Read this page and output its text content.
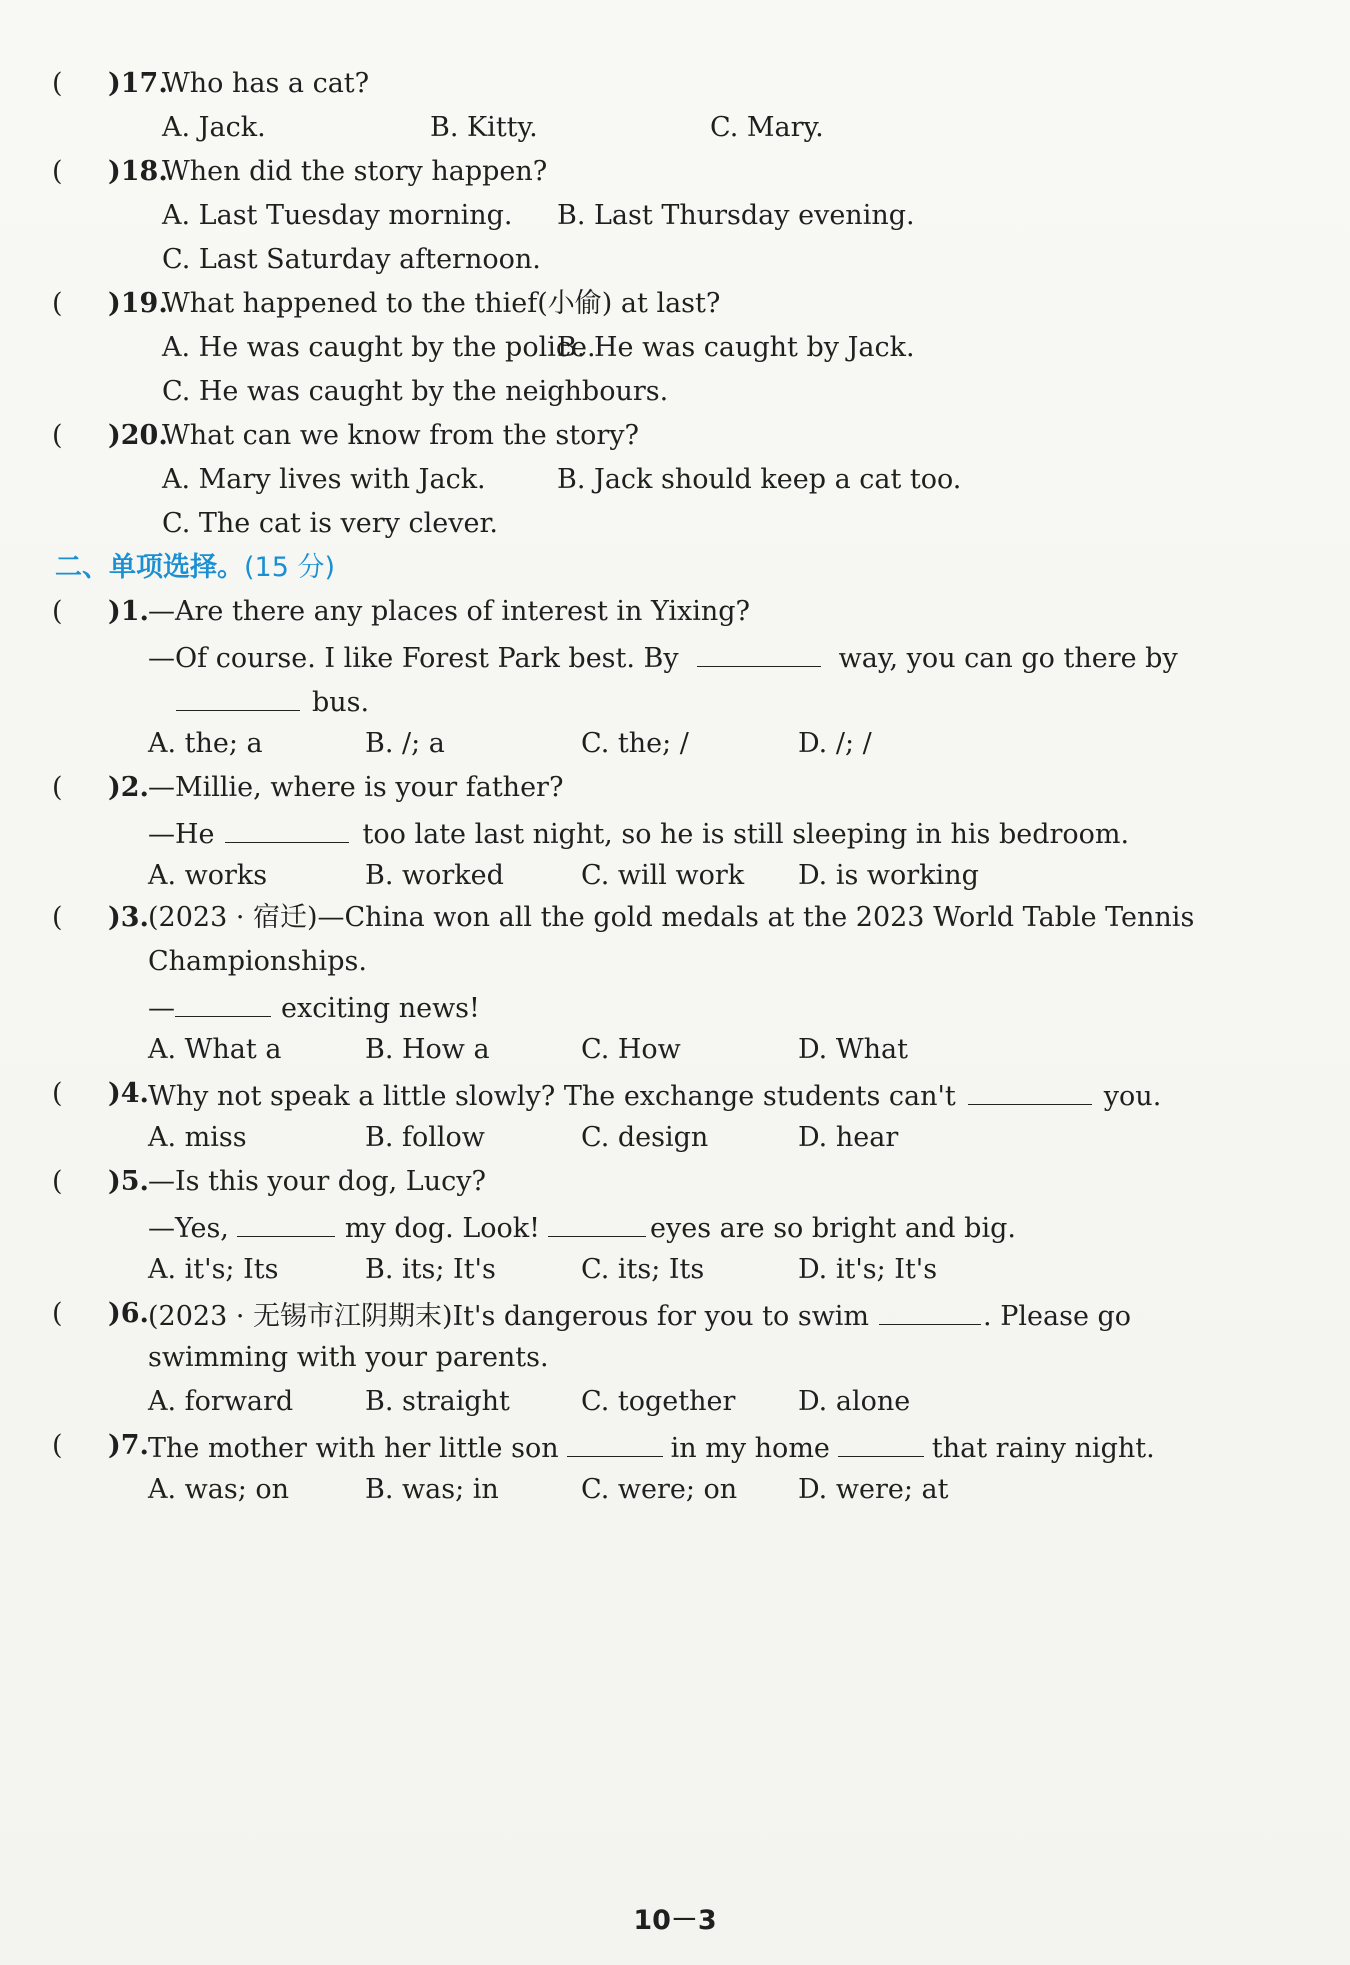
( )17.
Who has a cat?
A. Jack.	B. Kitty.	C. Mary.
( )18.
When did the story happen?
A. Last Tuesday morning. B. Last Thursday evening.
C. Last Saturday afternoon.
( )19.
What happened to the thief(小偷) at last?
A. He was caught by the police.
B. He was caught by Jack.
C. He was caught by the neighbours.
( )20.
What can we know from the story?
A. Mary lives with Jack.	B. Jack should keep a cat too.
C. The cat is very clever.
二、单项选择。(15 分)
( )1. —Are there any places of interest in Yixing?
—Of course. I like Forest Park best. By	way, you can go there by
bus.
A. the; a	B. /; a	C. the; /	D. /; /
( )2. —Millie, where is your father?
—He	too late last night, so he is still sleeping in his bedroom.
A. works	B. worked	C. will work D. is working
( )3. (2023 · 宿迁)—China won all the gold medals at the 2023 World Table Tennis
Championships.
—	exciting news!
A. What a	B. How a	C. How	D. What
( )4. Why not speak a little slowly? The exchange students can't	you.
A. miss	B. follow	C. design	D. hear
( )5. —Is this your dog, Lucy?
—Yes,	my dog. Look!	eyes are so bright and big.
A. it's; Its	B. its; It's	C. its; Its	D. it's; It's
( )6. (2023 · 无锡市江阴期末)It's dangerous for you to swim	. Please go
swimming with your parents.
A. forward	B. straight	C. together D. alone
( )7. The mother with her little son	in my home	that rainy night.
A. was; on	B. was; in	C. were; on D. were; at
10－3
